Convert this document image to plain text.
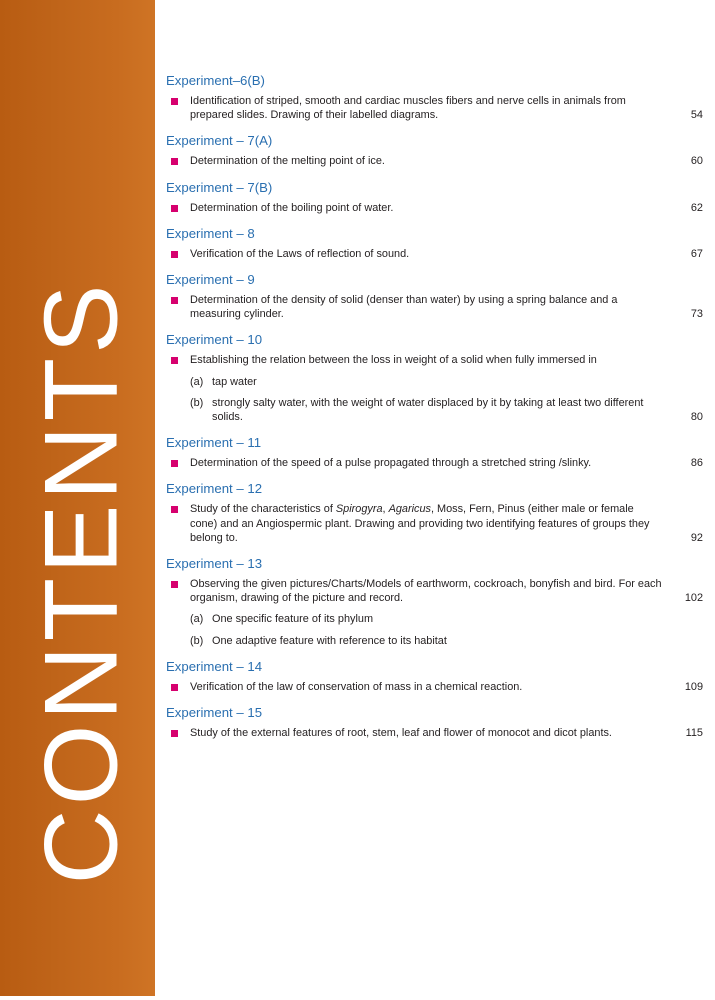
CONTENTS
Experiment–6(B)
Identification of striped, smooth and cardiac muscles fibers and nerve cells in animals from prepared slides. Drawing of their labelled diagrams.	54
Experiment – 7(A)
Determination of the melting point of ice.	60
Experiment – 7(B)
Determination of the boiling point of water.	62
Experiment – 8
Verification of the Laws of reflection of sound.	67
Experiment – 9
Determination of the density of solid (denser than water) by using a spring balance and a measuring cylinder.	73
Experiment – 10
Establishing the relation between the loss in weight of a solid when fully immersed in
(a) tap water
(b) strongly salty water, with the weight of water displaced by it by taking at least two different solids.	80
Experiment – 11
Determination of the speed of a pulse propagated through a stretched string /slinky.	86
Experiment – 12
Study of the characteristics of Spirogyra, Agaricus, Moss, Fern, Pinus (either male or female cone) and an Angiospermic plant. Drawing and providing two identifying features of groups they belong to.	92
Experiment – 13
Observing the given pictures/Charts/Models of earthworm, cockroach, bonyfish and bird. For each organism, drawing of the picture and record.	102
(a) One specific feature of its phylum
(b) One adaptive feature with reference to its habitat
Experiment – 14
Verification of the law of conservation of mass in a chemical reaction.	109
Experiment – 15
Study of the external features of root, stem, leaf and flower of monocot and dicot plants.	115
